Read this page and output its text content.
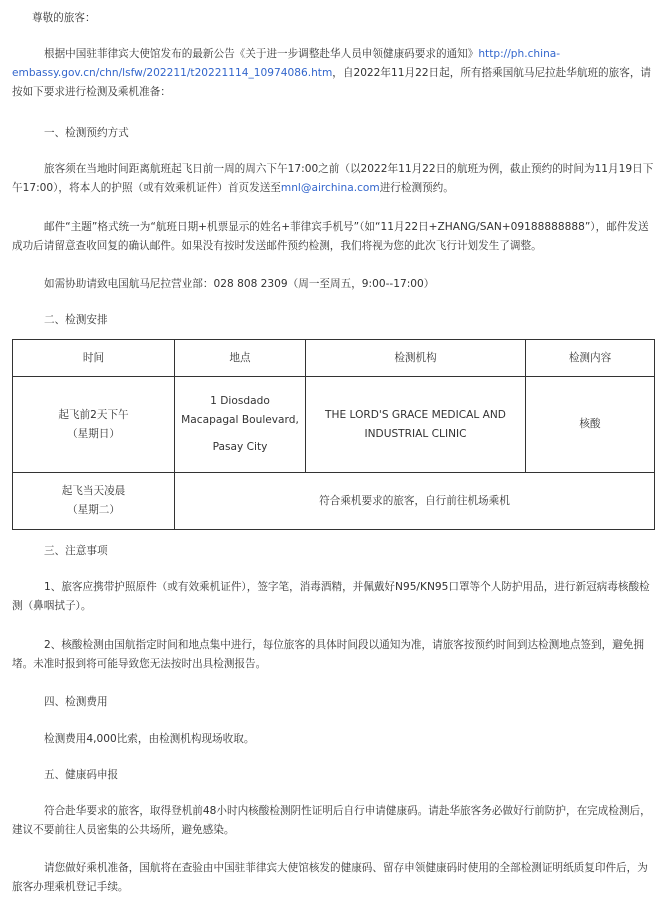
尊敬的旅客：

根据中国驻菲律宾大使馆发布的最新公告《关于进一步调整赴华人员申领健康码要求的通知》http://ph.china-embassy.gov.cn/chn/lsfw/202211/t20221114_10974086.htm，自2022年11月22日起，所有搭乘国航马尼拉赴华航班的旅客，请按如下要求进行检测及乘机准备：

一、检测预约方式

旅客须在当地时间距离航班起飞日前一周的周六下午17:00之前（以2022年11月22日的航班为例，截止预约的时间为11月19日下午17:00），将本人的护照（或有效乘机证件）首页发送至mnl@airchina.com进行检测预约。

邮件“主题”格式统一为“航班日期+机票显示的姓名+菲律宾手机号”（如“11月22日+ZHANG/SAN+09188888888”），邮件发送成功后请留意查收回复的确认邮件。如果没有按时发送邮件预约检测，我们将视为您的此次飞行计划发生了调整。

如需协助请致电国航马尼拉营业部：028 808 2309（周一至周五，9:00--17:00）

二、检测安排

时间	地点	检测机构	检测内容

起飞前2天下午
（星期日）	1 Diosdado
Macapagal Boulevard,
Pasay City	THE LORD'S GRACE MEDICAL AND
INDUSTRIAL CLINIC	核酸

起飞当天凌晨
（星期二）	符合乘机要求的旅客，自行前往机场乘机		

三、注意事项

1、旅客应携带护照原件（或有效乘机证件），签字笔，消毒酒精，并佩戴好N95/KN95口罩等个人防护用品，进行新冠病毒核酸检测（鼻咽拭子）。

2、核酸检测由国航指定时间和地点集中进行，每位旅客的具体时间段以通知为准，请旅客按预约时间到达检测地点签到，避免拥堵。未准时报到将可能导致您无法按时出具检测报告。

四、检测费用

检测费用4,000比索，由检测机构现场收取。

五、健康码申报

符合赴华要求的旅客，取得登机前48小时内核酸检测阴性证明后自行申请健康码。请赴华旅客务必做好行前防护，在完成检测后，建议不要前往人员密集的公共场所，避免感染。

请您做好乘机准备，国航将在查验由中国驻菲律宾大使馆核发的健康码、留存申领健康码时使用的全部检测证明纸质复印件后，为旅客办理乘机登记手续。
